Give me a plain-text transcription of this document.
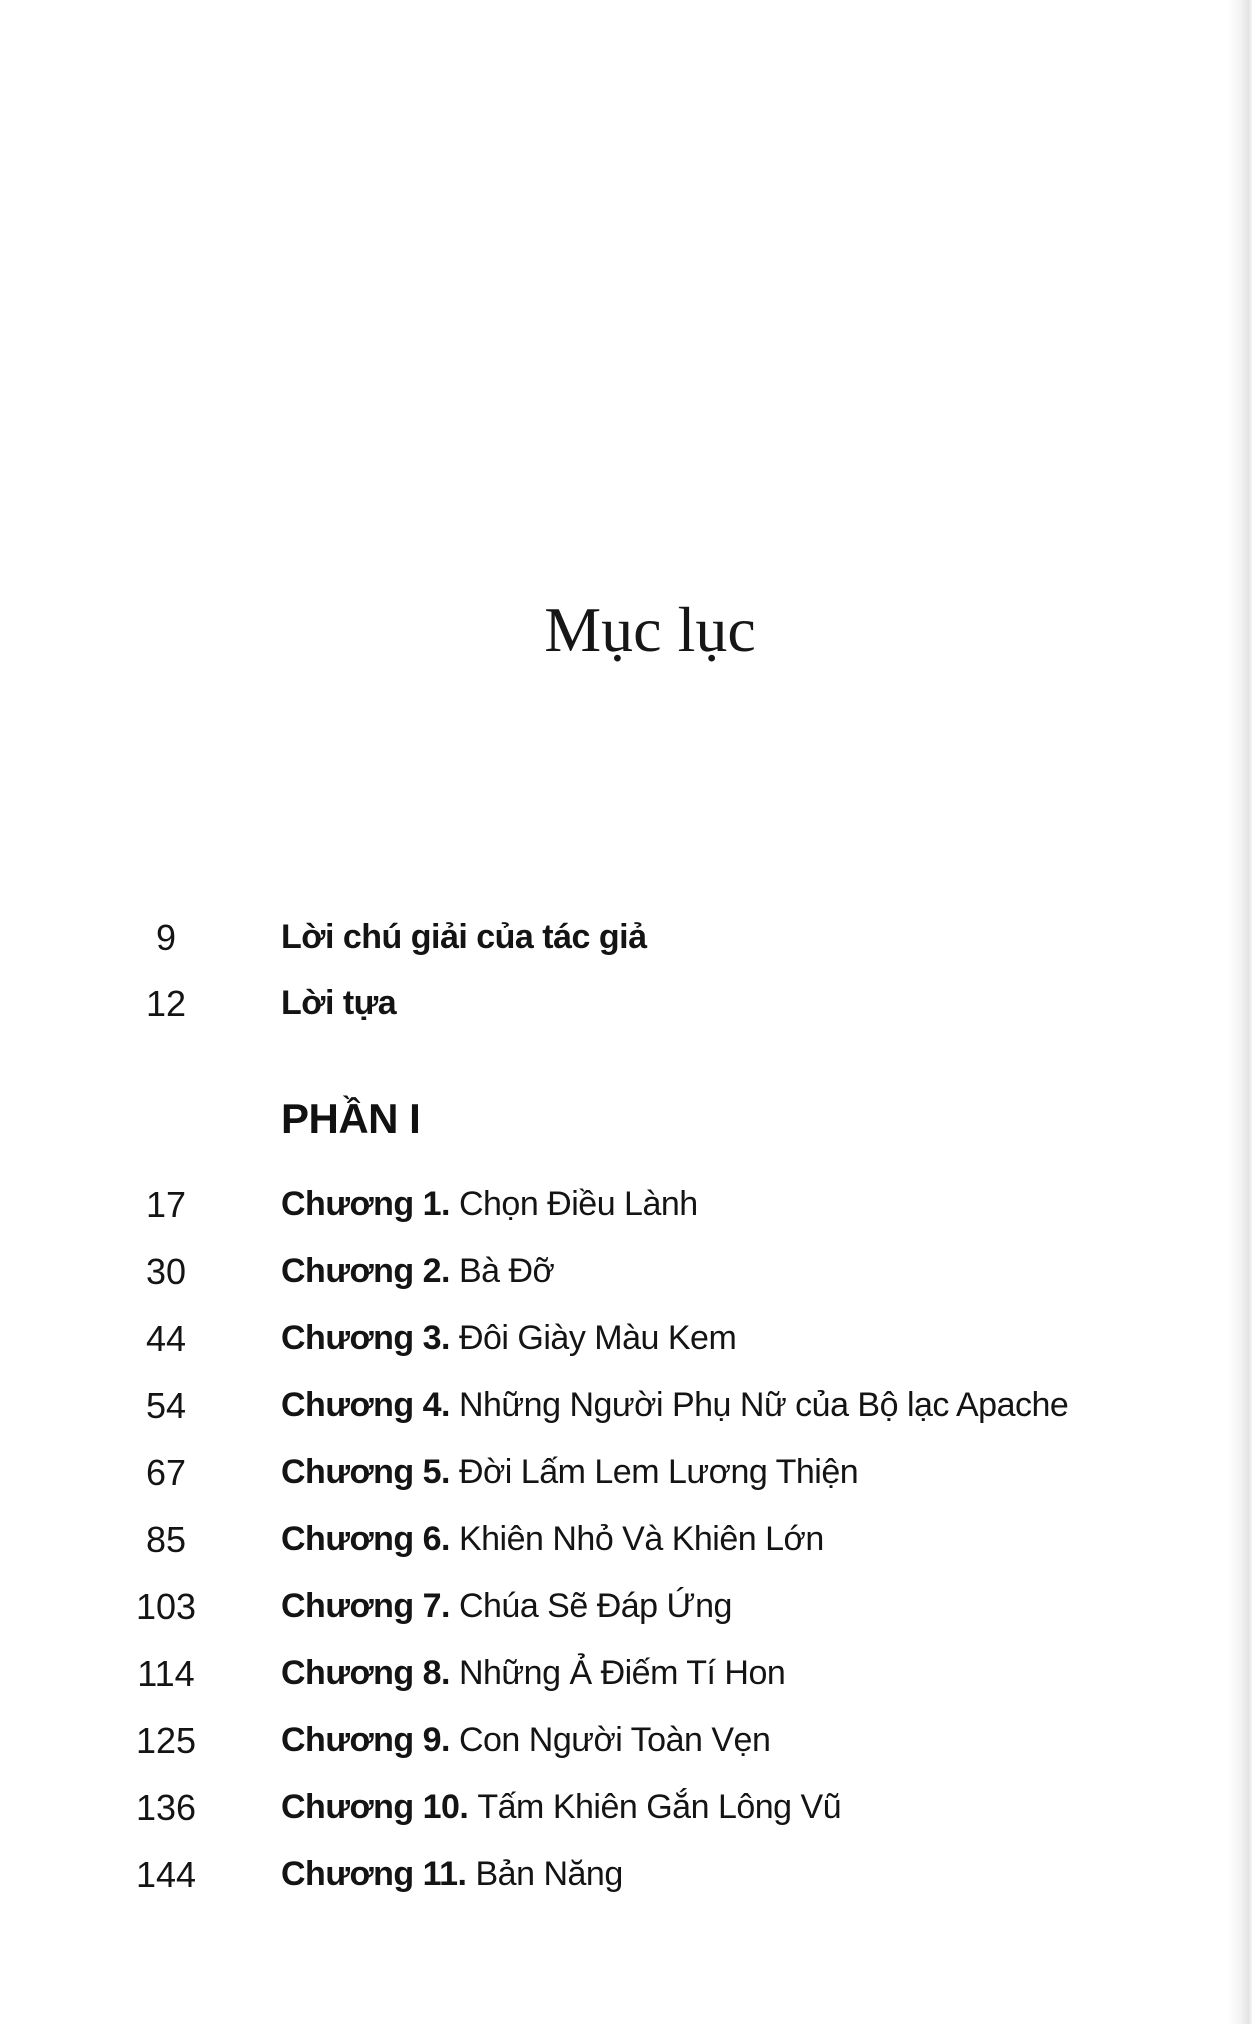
Mục lục
9	Lời chú giải của tác giả
12	Lời tựa
PHẦN I
17	Chương 1. Chọn Điều Lành
30	Chương 2. Bà Đỡ
44	Chương 3. Đôi Giày Màu Kem
54	Chương 4. Những Người Phụ Nữ của Bộ lạc Apache
67	Chương 5. Đời Lấm Lem Lương Thiện
85	Chương 6. Khiên Nhỏ Và Khiên Lớn
103 Chương 7. Chúa Sẽ Đáp Ứng
114	Chương 8. Những Ả Điếm Tí Hon
125 Chương 9. Con Người Toàn Vẹn
136 Chương 10. Tấm Khiên Gắn Lông Vũ
144 Chương 11. Bản Năng
